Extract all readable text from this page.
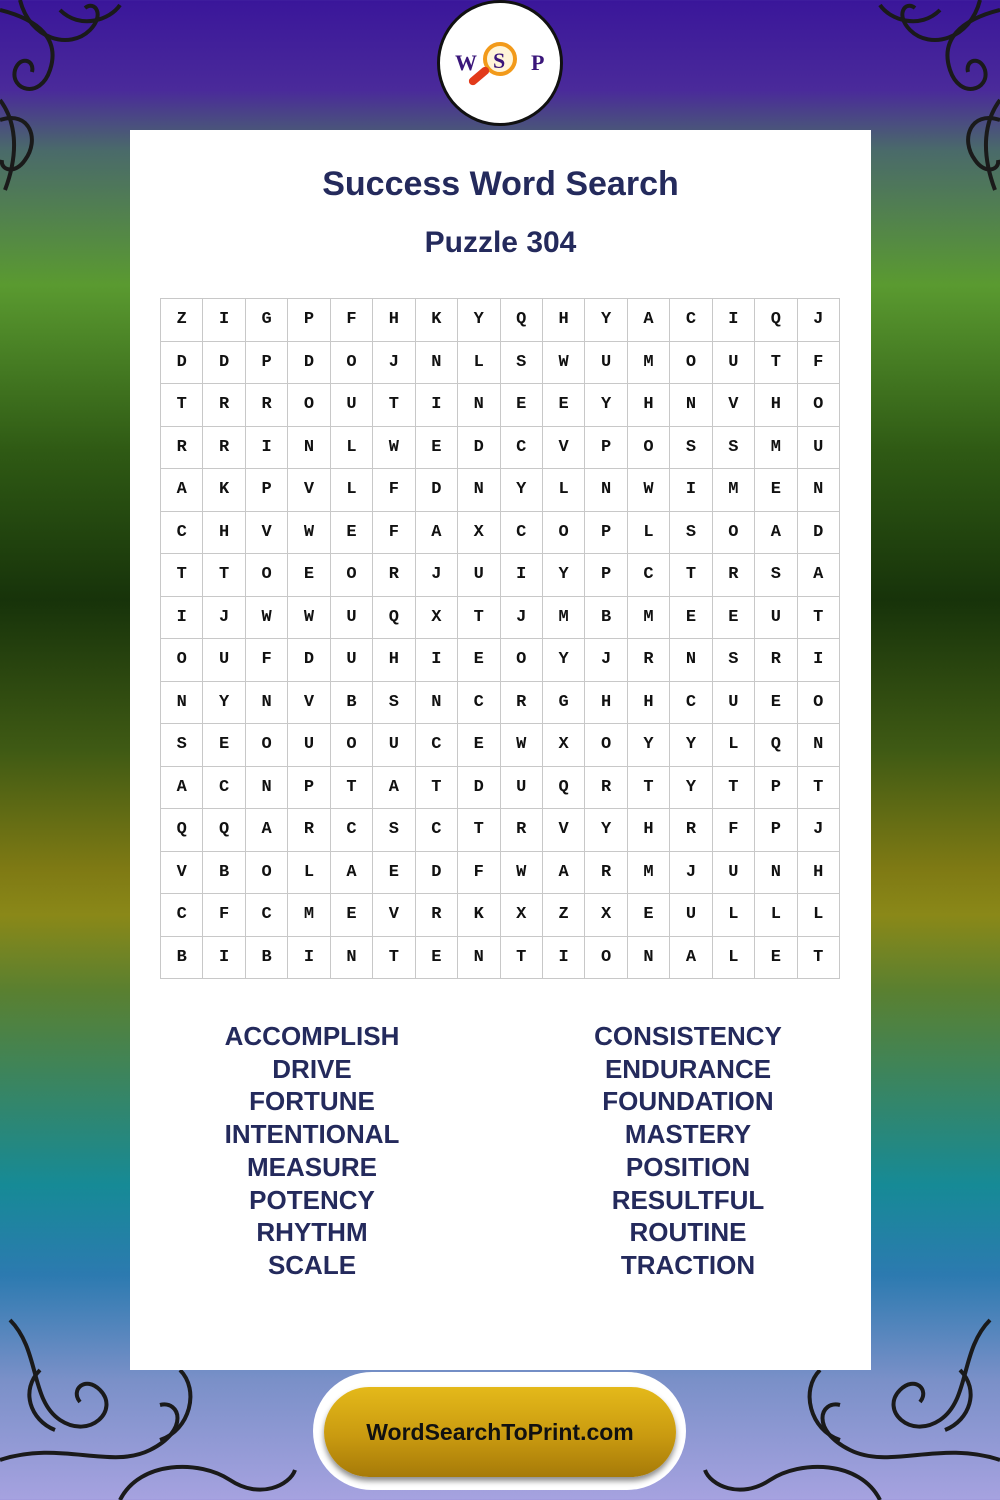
W S P
Success Word Search
Puzzle 304
Z	I	G	P	F	H	K	Y	Q	H	Y	A	C	I	Q	J
D	D	P	D	O	J	N	L	S	W	U	M	O	U	T	F
T	R	R	O	U	T	I	N	E	E	Y	H	N	V	H	O
R	R	I	N	L	W	E	D	C	V	P	O	S	S	M	U
A	K	P	V	L	F	D	N	Y	L	N	W	I	M	E	N
C	H	V	W	E	F	A	X	C	O	P	L	S	O	A	D
T	T	O	E	O	R	J	U	I	Y	P	C	T	R	S	A
I	J	W	W	U	Q	X	T	J	M	B	M	E	E	U	T
O	U	F	D	U	H	I	E	O	Y	J	R	N	S	R	I
N	Y	N	V	B	S	N	C	R	G	H	H	C	U	E	O
S	E	O	U	O	U	C	E	W	X	O	Y	Y	L	Q	N
A	C	N	P	T	A	T	D	U	Q	R	T	Y	T	P	T
Q	Q	A	R	C	S	C	T	R	V	Y	H	R	F	P	J
V	B	O	L	A	E	D	F	W	A	R	M	J	U	N	H
C	F	C	M	E	V	R	K	X	Z	X	E	U	L	L	L
B	I	B	I	N	T	E	N	T	I	O	N	A	L	E	T
ACCOMPLISH
DRIVE
FORTUNE
INTENTIONAL
MEASURE
POTENCY
RHYTHM
SCALE
CONSISTENCY
ENDURANCE
FOUNDATION
MASTERY
POSITION
RESULTFUL
ROUTINE
TRACTION
WordSearchToPrint.com
